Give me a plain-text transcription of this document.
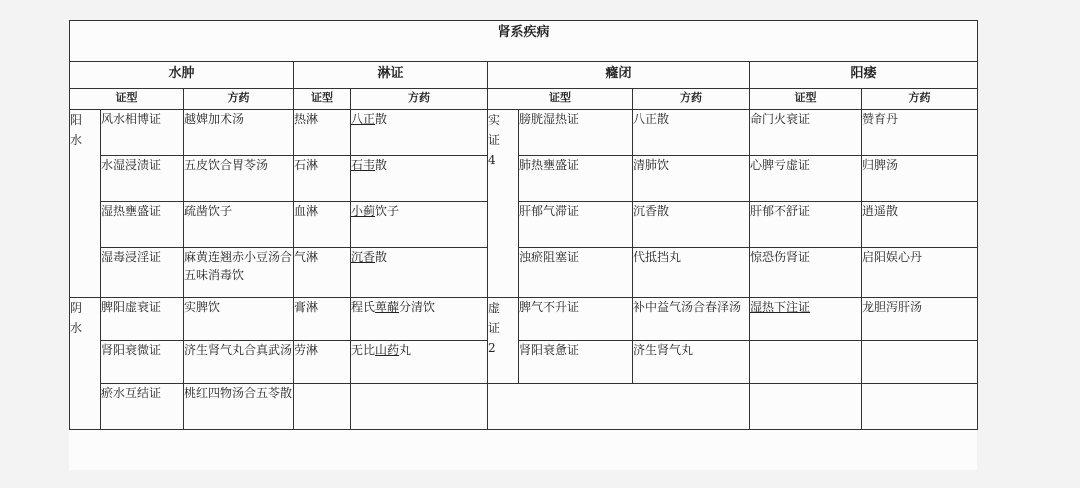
肾系疾病									
水肿			淋证		癃闭			阳痿	
证型		方药	证型	方药	证型		方药	证型	方药

阳水	风水相博证	越婢加术汤	热淋	八正散	实证4	膀胱湿热证	八正散	命门火衰证	赞育丹
	水湿浸渍证	五皮饮合胃苓汤	石淋	石韦散		肺热壅盛证	清肺饮	心脾亏虚证	归脾汤
	湿热壅盛证	疏凿饮子	血淋	小蓟饮子		肝郁气滞证	沉香散	肝郁不舒证	逍遥散
	湿毒浸淫证	麻黄连翘赤小豆汤合五味消毒饮	气淋	沉香散		浊瘀阻塞证	代抵挡丸	惊恐伤肾证	启阳娱心丹

阴水	脾阳虚衰证	实脾饮	膏淋	程氏萆薢分清饮	虚证2	脾气不升证	补中益气汤合春泽汤	湿热下注证	龙胆泻肝汤
	肾阳衰微证	济生肾气丸合真武汤	劳淋	无比山药丸		肾阳衰惫证	济生肾气丸		
	瘀水互结证	桃红四物汤合五苓散							
